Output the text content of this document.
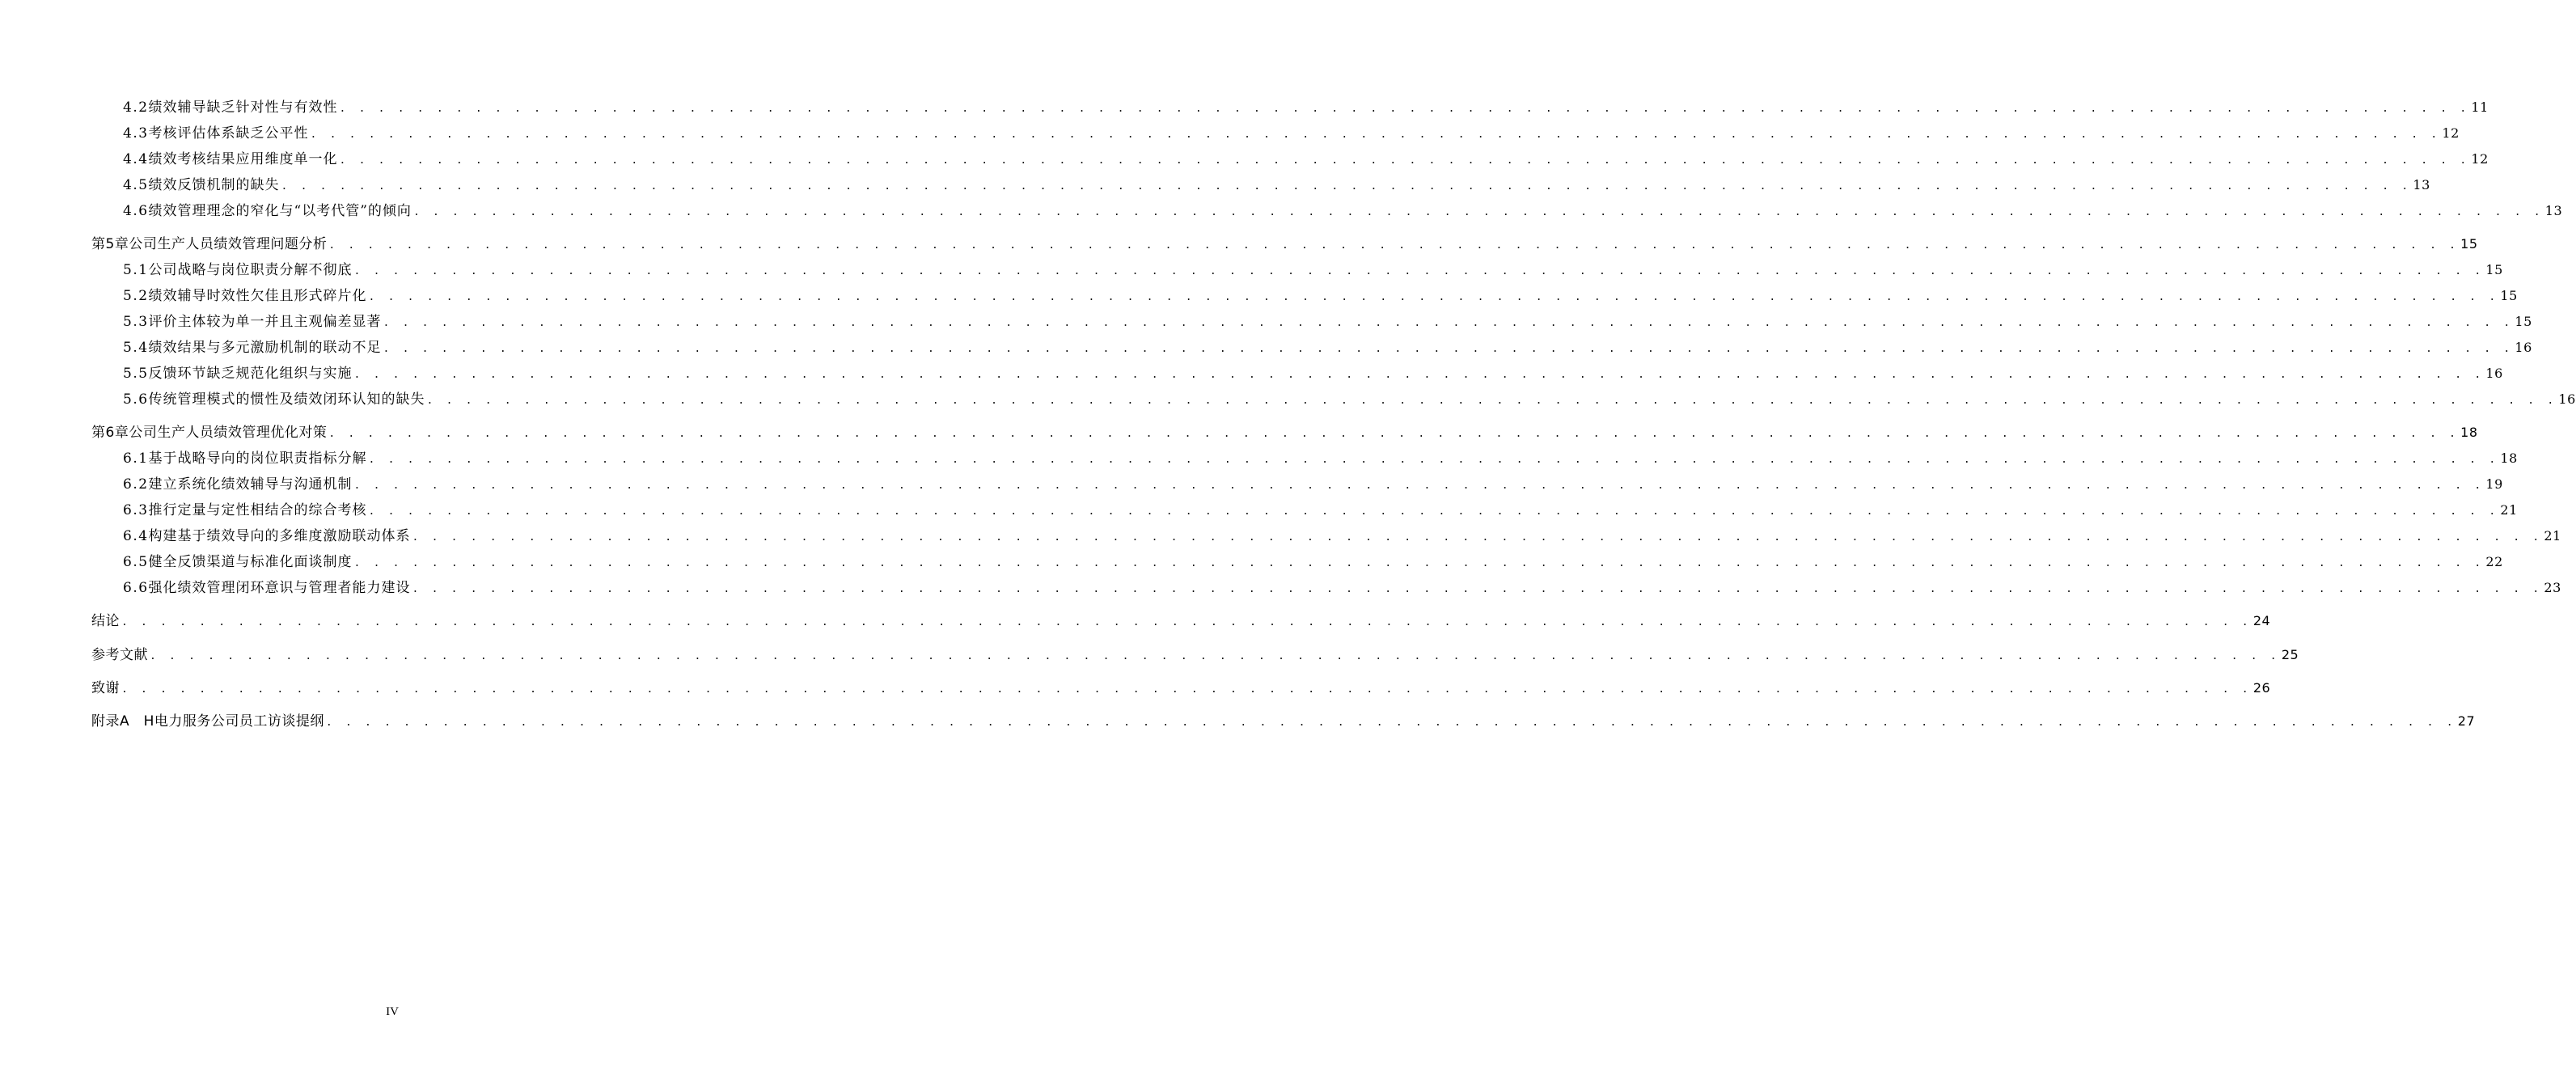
4.2 绩效辅导缺乏针对性与有效性 . . . . . . . . . . . . . . . . . . . . . . . . . . . . . . . . . . . . . . . . . . . . . . . . . . . . . . . . . . . . . . . . . . . . . . . . . . . . . . . . . . . . . . . . . . . . . . . . . . . . . . . . . . . . . . 11
4.3 考核评估体系缺乏公平性 . . . . . . . . . . . . . . . . . . . . . . . . . . . . . . . . . . . . . . . . . . . . . . . . . . . . . . . . . . . . . . . . . . . . . . . . . . . . . . . . . . . . . . . . . . . . . . . . . . . . . . . . . . . . . . 12
4.4 绩效考核结果应用维度单一化 . . . . . . . . . . . . . . . . . . . . . . . . . . . . . . . . . . . . . . . . . . . . . . . . . . . . . . . . . . . . . . . . . . . . . . . . . . . . . . . . . . . . . . . . . . . . . . . . . . . . . . . . . . . . . . 12
4.5 绩效反馈机制的缺失 . . . . . . . . . . . . . . . . . . . . . . . . . . . . . . . . . . . . . . . . . . . . . . . . . . . . . . . . . . . . . . . . . . . . . . . . . . . . . . . . . . . . . . . . . . . . . . . . . . . . . . . . . . . . . . 13
4.6 绩效管理理念的窄化与“以考代管”的倾向 . . . . . . . . . . . . . . . . . . . . . . . . . . . . . . . . . . . . . . . . . . . . . . . . . . . . . . . . . . . . . . . . . . . . . . . . . . . . . . . . . . . . . . . . . . . . . . . . . . . . . . . . . . . . . . 13
第5章 公司生产人员绩效管理问题分析 . . . . . . . . . . . . . . . . . . . . . . . . . . . . . . . . . . . . . . . . . . . . . . . . . . . . . . . . . . . . . . . . . . . . . . . . . . . . . . . . . . . . . . . . . . . . . . . . . . . . . . . . . . . . . . 15
5.1 公司战略与岗位职责分解不彻底 . . . . . . . . . . . . . . . . . . . . . . . . . . . . . . . . . . . . . . . . . . . . . . . . . . . . . . . . . . . . . . . . . . . . . . . . . . . . . . . . . . . . . . . . . . . . . . . . . . . . . . . . . . . . . . 15
5.2 绩效辅导时效性欠佳且形式碎片化 . . . . . . . . . . . . . . . . . . . . . . . . . . . . . . . . . . . . . . . . . . . . . . . . . . . . . . . . . . . . . . . . . . . . . . . . . . . . . . . . . . . . . . . . . . . . . . . . . . . . . . . . . . . . . . 15
5.3 评价主体较为单一并且主观偏差显著 . . . . . . . . . . . . . . . . . . . . . . . . . . . . . . . . . . . . . . . . . . . . . . . . . . . . . . . . . . . . . . . . . . . . . . . . . . . . . . . . . . . . . . . . . . . . . . . . . . . . . . . . . . . . . . 15
5.4 绩效结果与多元激励机制的联动不足 . . . . . . . . . . . . . . . . . . . . . . . . . . . . . . . . . . . . . . . . . . . . . . . . . . . . . . . . . . . . . . . . . . . . . . . . . . . . . . . . . . . . . . . . . . . . . . . . . . . . . . . . . . . . . . 16
5.5 反馈环节缺乏规范化组织与实施 . . . . . . . . . . . . . . . . . . . . . . . . . . . . . . . . . . . . . . . . . . . . . . . . . . . . . . . . . . . . . . . . . . . . . . . . . . . . . . . . . . . . . . . . . . . . . . . . . . . . . . . . . . . . . . 16
5.6 传统管理模式的惯性及绩效闭环认知的缺失 . . . . . . . . . . . . . . . . . . . . . . . . . . . . . . . . . . . . . . . . . . . . . . . . . . . . . . . . . . . . . . . . . . . . . . . . . . . . . . . . . . . . . . . . . . . . . . . . . . . . . . . . . . . . . . 16
第6章 公司生产人员绩效管理优化对策 . . . . . . . . . . . . . . . . . . . . . . . . . . . . . . . . . . . . . . . . . . . . . . . . . . . . . . . . . . . . . . . . . . . . . . . . . . . . . . . . . . . . . . . . . . . . . . . . . . . . . . . . . . . . . . 18
6.1 基于战略导向的岗位职责指标分解 . . . . . . . . . . . . . . . . . . . . . . . . . . . . . . . . . . . . . . . . . . . . . . . . . . . . . . . . . . . . . . . . . . . . . . . . . . . . . . . . . . . . . . . . . . . . . . . . . . . . . . . . . . . . . . 18
6.2 建立系统化绩效辅导与沟通机制 . . . . . . . . . . . . . . . . . . . . . . . . . . . . . . . . . . . . . . . . . . . . . . . . . . . . . . . . . . . . . . . . . . . . . . . . . . . . . . . . . . . . . . . . . . . . . . . . . . . . . . . . . . . . . . 19
6.3 推行定量与定性相结合的综合考核 . . . . . . . . . . . . . . . . . . . . . . . . . . . . . . . . . . . . . . . . . . . . . . . . . . . . . . . . . . . . . . . . . . . . . . . . . . . . . . . . . . . . . . . . . . . . . . . . . . . . . . . . . . . . . . 21
6.4 构建基于绩效导向的多维度激励联动体系 . . . . . . . . . . . . . . . . . . . . . . . . . . . . . . . . . . . . . . . . . . . . . . . . . . . . . . . . . . . . . . . . . . . . . . . . . . . . . . . . . . . . . . . . . . . . . . . . . . . . . . . . . . . . . . 21
6.5 健全反馈渠道与标准化面谈制度 . . . . . . . . . . . . . . . . . . . . . . . . . . . . . . . . . . . . . . . . . . . . . . . . . . . . . . . . . . . . . . . . . . . . . . . . . . . . . . . . . . . . . . . . . . . . . . . . . . . . . . . . . . . . . . 22
6.6 强化绩效管理闭环意识与管理者能力建设 . . . . . . . . . . . . . . . . . . . . . . . . . . . . . . . . . . . . . . . . . . . . . . . . . . . . . . . . . . . . . . . . . . . . . . . . . . . . . . . . . . . . . . . . . . . . . . . . . . . . . . . . . . . . . . 23
结论 . . . . . . . . . . . . . . . . . . . . . . . . . . . . . . . . . . . . . . . . . . . . . . . . . . . . . . . . . . . . . . . . . . . . . . . . . . . . . . . . . . . . . . . . . . . . . . . . . . . . . . . . . . . . . . 24
参考文献 . . . . . . . . . . . . . . . . . . . . . . . . . . . . . . . . . . . . . . . . . . . . . . . . . . . . . . . . . . . . . . . . . . . . . . . . . . . . . . . . . . . . . . . . . . . . . . . . . . . . . . . . . . . . . . 25
致谢 . . . . . . . . . . . . . . . . . . . . . . . . . . . . . . . . . . . . . . . . . . . . . . . . . . . . . . . . . . . . . . . . . . . . . . . . . . . . . . . . . . . . . . . . . . . . . . . . . . . . . . . . . . . . . . 26
附录A　H电力服务公司员工访谈提纲 . . . . . . . . . . . . . . . . . . . . . . . . . . . . . . . . . . . . . . . . . . . . . . . . . . . . . . . . . . . . . . . . . . . . . . . . . . . . . . . . . . . . . . . . . . . . . . . . . . . . . . . . . . . . . . 27
IV
